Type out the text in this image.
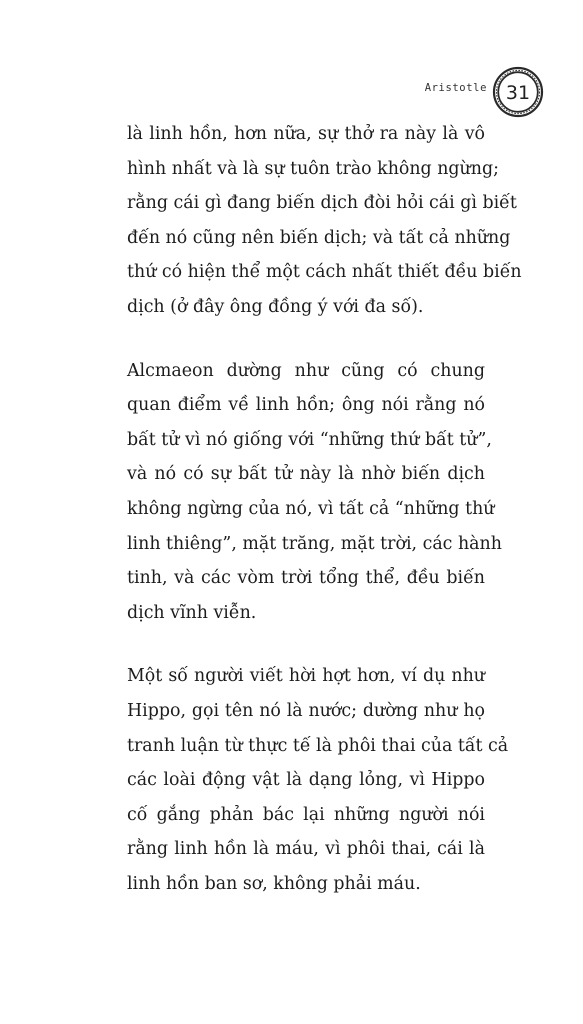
Aristotle 31

là linh hồn, hơn nữa, sự thở ra này là vô
hình nhất và là sự tuôn trào không ngừng;
rằng cái gì đang biến dịch đòi hỏi cái gì biết
đến nó cũng nên biến dịch; và tất cả những
thứ có hiện thể một cách nhất thiết đều biến
dịch (ở đây ông đồng ý với đa số).

Alcmaeon dường như cũng có chung
quan điểm về linh hồn; ông nói rằng nó
bất tử vì nó giống với “những thứ bất tử”,
và nó có sự bất tử này là nhờ biến dịch
không ngừng của nó, vì tất cả “những thứ
linh thiêng”, mặt trăng, mặt trời, các hành
tinh, và các vòm trời tổng thể, đều biến
dịch vĩnh viễn.

Một số người viết hời hợt hơn, ví dụ như
Hippo, gọi tên nó là nước; dường như họ
tranh luận từ thực tế là phôi thai của tất cả
các loài động vật là dạng lỏng, vì Hippo
cố gắng phản bác lại những người nói
rằng linh hồn là máu, vì phôi thai, cái là
linh hồn ban sơ, không phải máu.
